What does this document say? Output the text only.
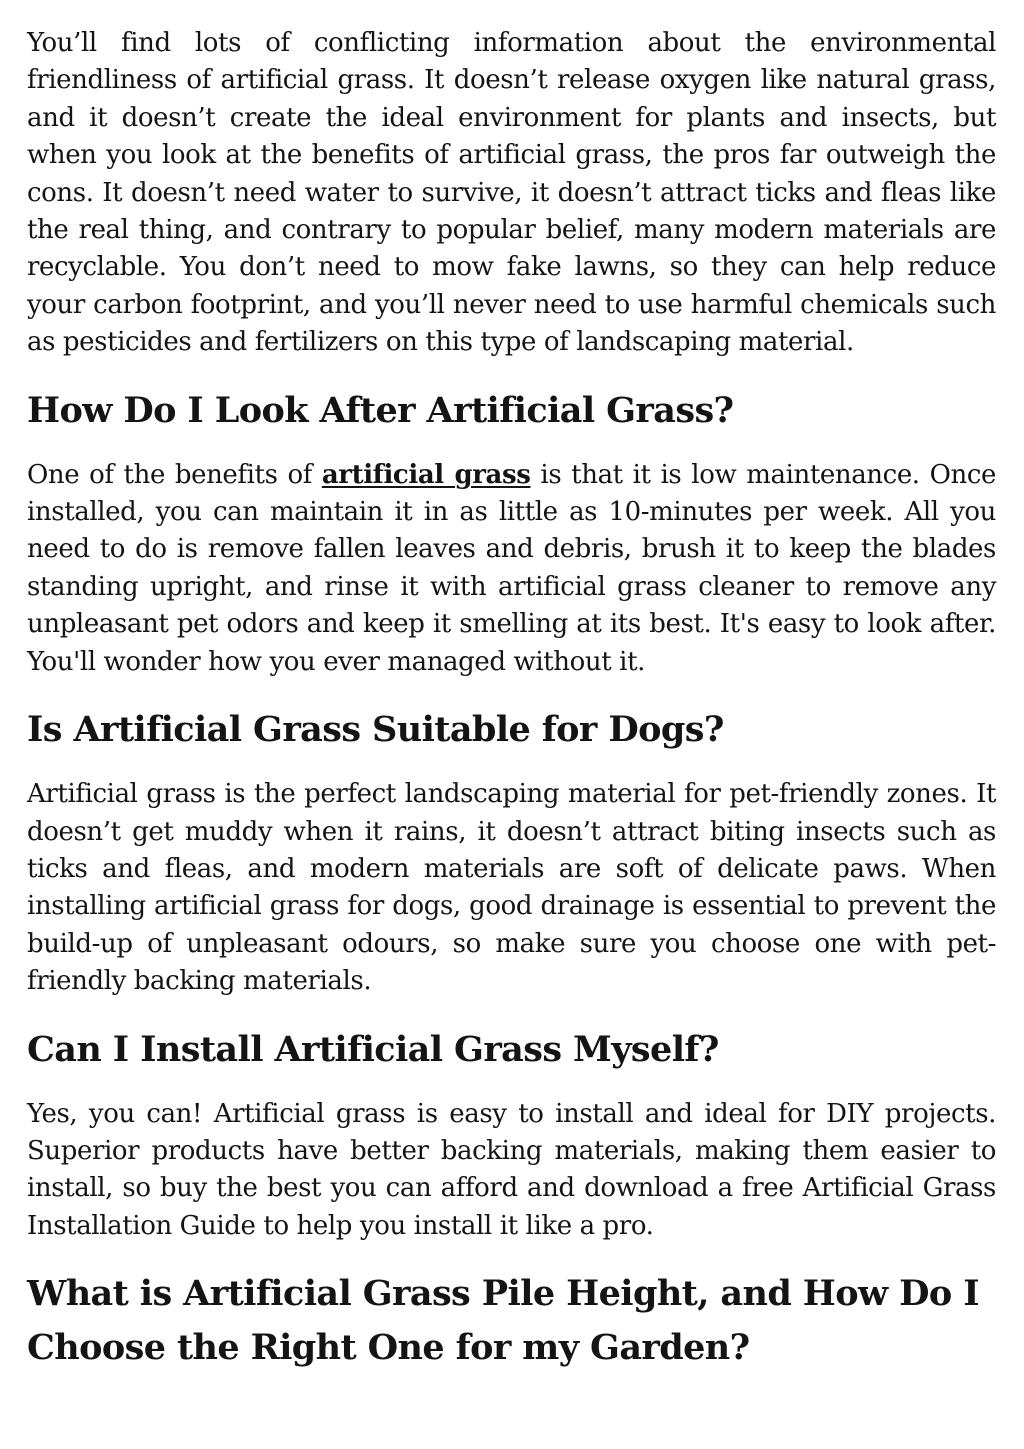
You’ll find lots of conflicting information about the environmental friendliness of artificial grass. It doesn’t release oxygen like natural grass, and it doesn’t create the ideal environment for plants and insects, but when you look at the benefits of artificial grass, the pros far outweigh the cons. It doesn’t need water to survive, it doesn’t attract ticks and fleas like the real thing, and contrary to popular belief, many modern materials are recyclable. You don’t need to mow fake lawns, so they can help reduce your carbon footprint, and you’ll never need to use harmful chemicals such as pesticides and fertilizers on this type of landscaping material.

How Do I Look After Artificial Grass?

One of the benefits of artificial grass is that it is low maintenance. Once installed, you can maintain it in as little as 10-minutes per week. All you need to do is remove fallen leaves and debris, brush it to keep the blades standing upright, and rinse it with artificial grass cleaner to remove any unpleasant pet odors and keep it smelling at its best. It's easy to look after. You'll wonder how you ever managed without it.

Is Artificial Grass Suitable for Dogs?

Artificial grass is the perfect landscaping material for pet-friendly zones. It doesn’t get muddy when it rains, it doesn’t attract biting insects such as ticks and fleas, and modern materials are soft of delicate paws. When installing artificial grass for dogs, good drainage is essential to prevent the build-up of unpleasant odours, so make sure you choose one with pet-friendly backing materials.

Can I Install Artificial Grass Myself?

Yes, you can! Artificial grass is easy to install and ideal for DIY projects. Superior products have better backing materials, making them easier to install, so buy the best you can afford and download a free Artificial Grass Installation Guide to help you install it like a pro.

What is Artificial Grass Pile Height, and How Do I Choose the Right One for my Garden?
